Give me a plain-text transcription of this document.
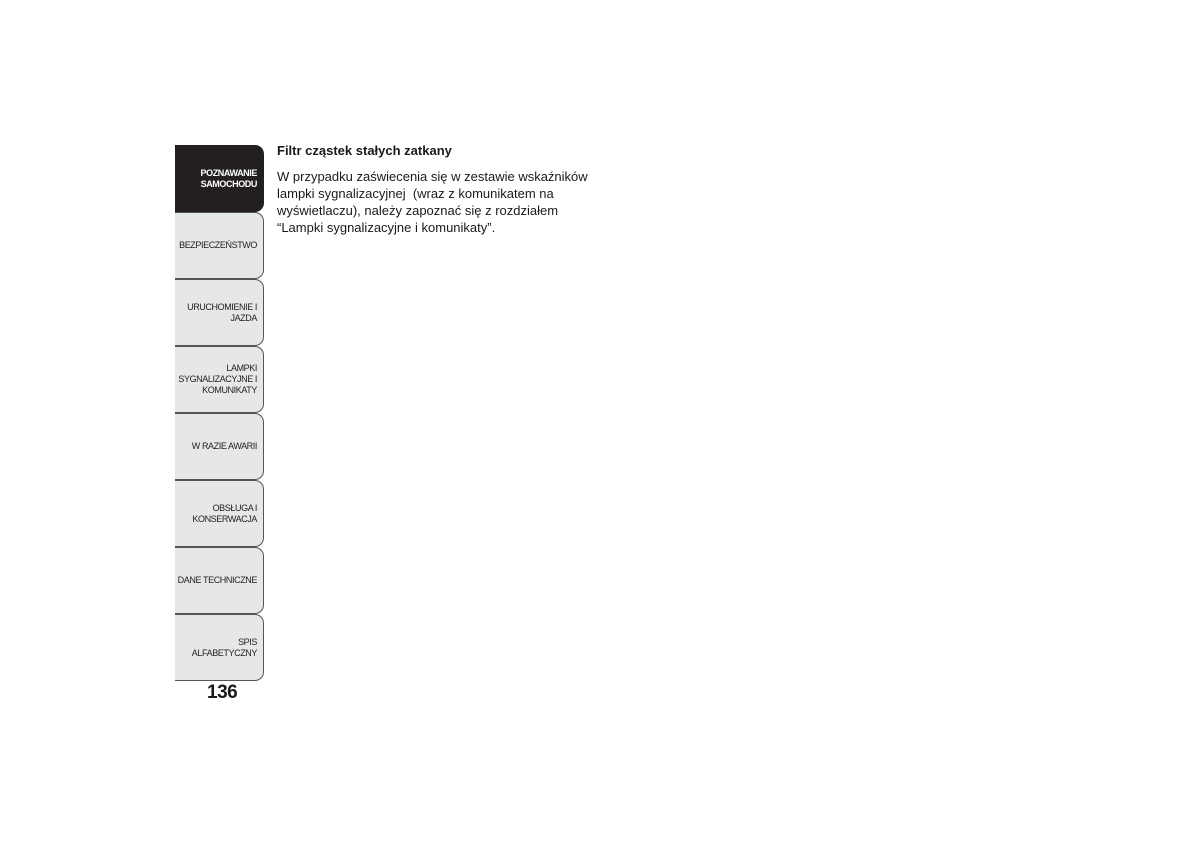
POZNAWANIE
SAMOCHODU
BEZPIECZEŃSTWO
URUCHOMIENIE I
JAZDA
LAMPKI
SYGNALIZACYJNE I
KOMUNIKATY
W RAZIE AWARII
OBSŁUGA I
KONSERWACJA
DANE TECHNICZNE
SPIS ALFABETYCZNY
136
Filtr cząstek stałych zatkany

W przypadku zaświecenia się w zestawie wskaźników
lampki sygnalizacyjnej  (wraz z komunikatem na
wyświetlaczu), należy zapoznać się z rozdziałem
“Lampki sygnalizacyjne i komunikaty”.
